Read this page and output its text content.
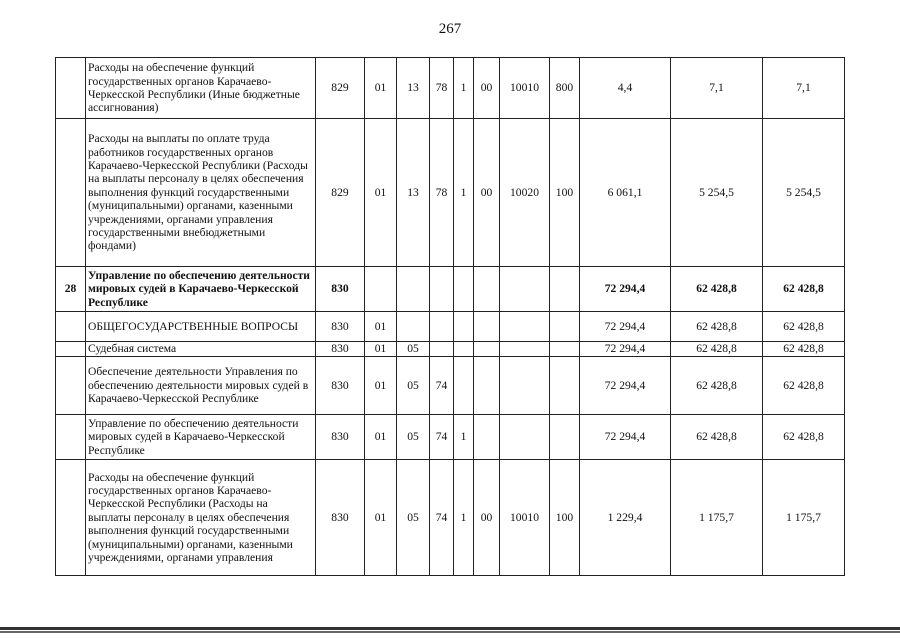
267
	Расходы на обеспечение функций государственных органов Карачаево-Черкесской Республики (Иные бюджетные ассигнования)	829	01	13	78	1	00	10010	800	4,4	7,1	7,1
	Расходы на выплаты по оплате труда работников государственных органов Карачаево-Черкесской Республики (Расходы на выплаты персоналу в целях обеспечения выполнения функций государственными (муниципальными) органами, казенными учреждениями, органами управления государственными внебюджетными фондами)	829	01	13	78	1	00	10020	100	6 061,1	5 254,5	5 254,5
28	Управление по обеспечению деятельности мировых судей в Карачаево-Черкесской Республике	830								72 294,4	62 428,8	62 428,8
	ОБЩЕГОСУДАРСТВЕННЫЕ ВОПРОСЫ	830	01							72 294,4	62 428,8	62 428,8
	Судебная система	830	01	05						72 294,4	62 428,8	62 428,8
	Обеспечение деятельности Управления по обеспечению деятельности мировых судей в Карачаево-Черкесской Республике	830	01	05	74					72 294,4	62 428,8	62 428,8
	Управление по обеспечению деятельности мировых судей в Карачаево-Черкесской Республике	830	01	05	74	1				72 294,4	62 428,8	62 428,8
	Расходы на обеспечение функций государственных органов Карачаево-Черкесской Республики (Расходы на выплаты персоналу в целях обеспечения выполнения функций государственными (муниципальными) органами, казенными учреждениями, органами управления	830	01	05	74	1	00	10010	100	1 229,4	1 175,7	1 175,7
